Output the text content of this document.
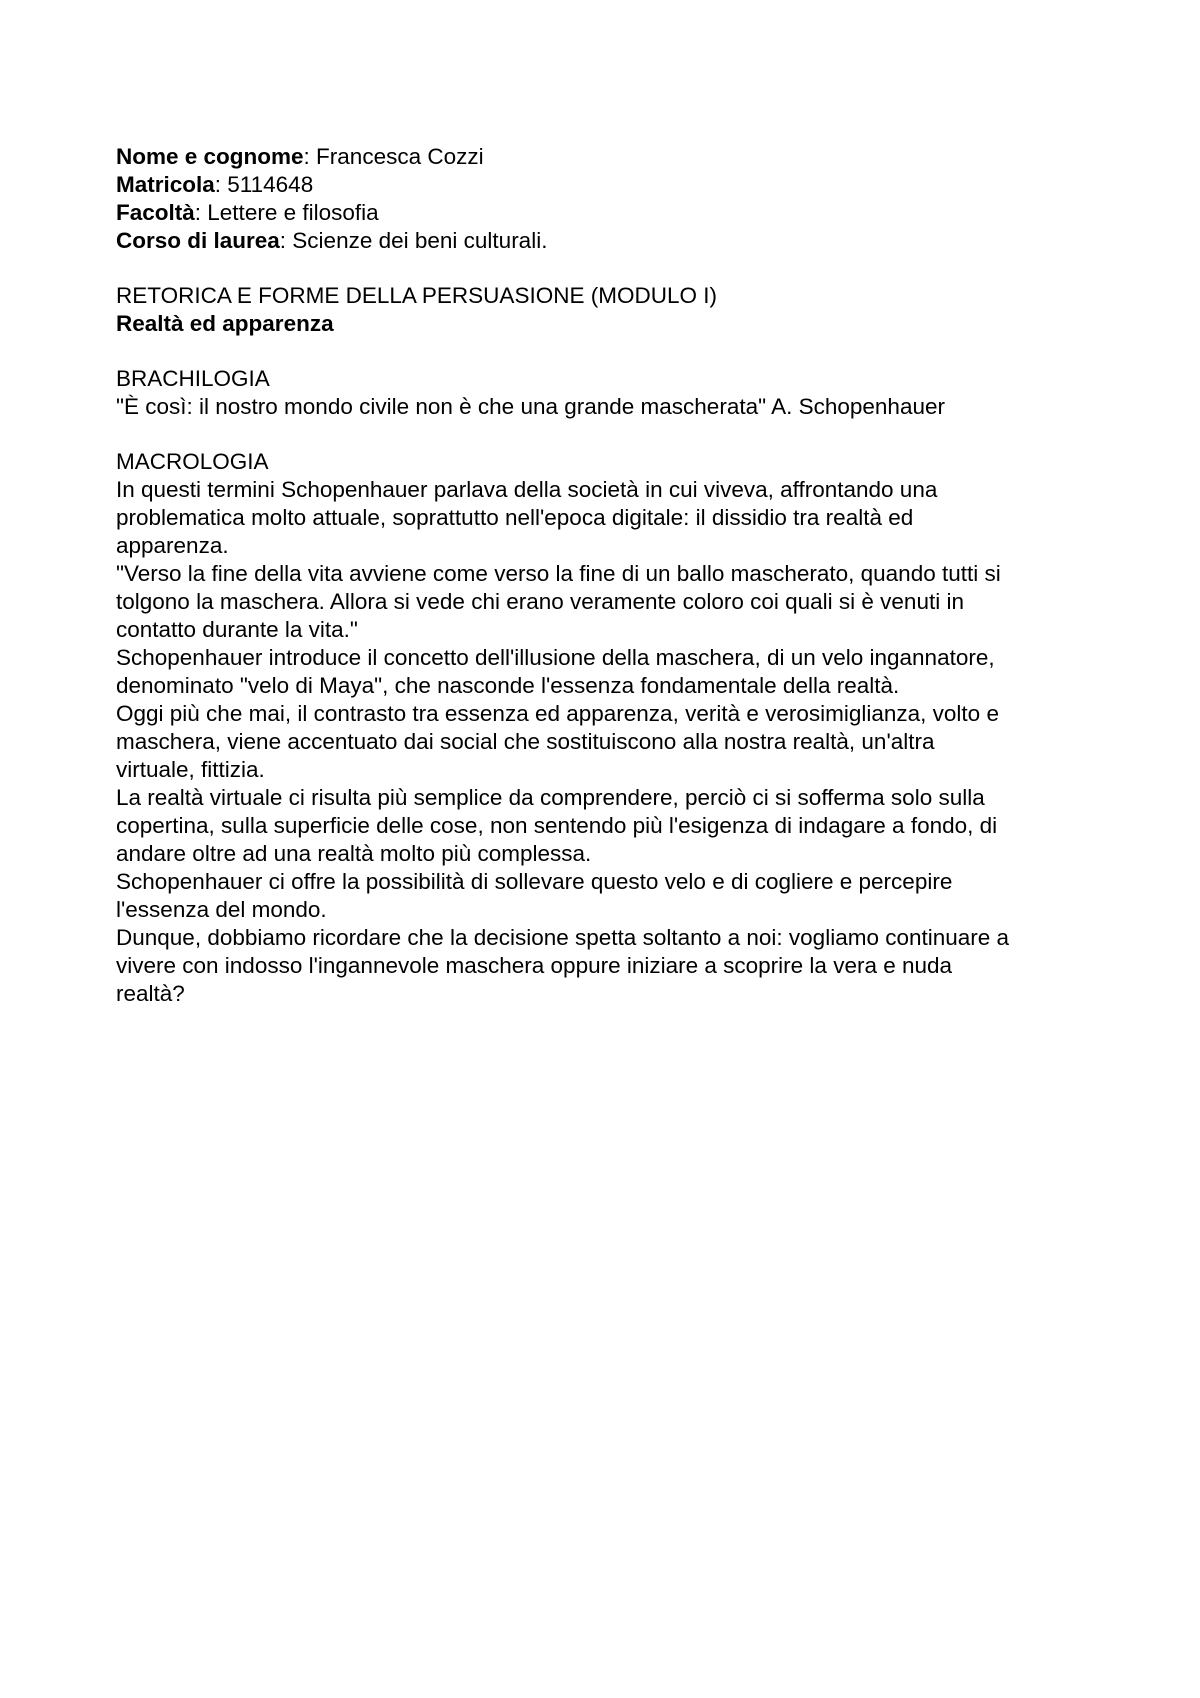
Nome e cognome: Francesca Cozzi

Matricola: 5114648

Facoltà: Lettere e filosofia

Corso di laurea: Scienze dei beni culturali.

RETORICA E FORME DELLA PERSUASIONE (MODULO I)

Realtà ed apparenza

BRACHILOGIA

"È così: il nostro mondo civile non è che una grande mascherata" A. Schopenhauer

MACROLOGIA

In questi termini Schopenhauer parlava della società in cui viveva, affrontando una
problematica molto attuale, soprattutto nell'epoca digitale: il dissidio tra realtà ed
apparenza.

"Verso la fine della vita avviene come verso la fine di un ballo mascherato, quando tutti si
tolgono la maschera. Allora si vede chi erano veramente coloro coi quali si è venuti in
contatto durante la vita."

Schopenhauer introduce il concetto dell'illusione della maschera, di un velo ingannatore,
denominato "velo di Maya", che nasconde l'essenza fondamentale della realtà.

Oggi più che mai, il contrasto tra essenza ed apparenza, verità e verosimiglianza, volto e
maschera, viene accentuato dai social che sostituiscono alla nostra realtà, un'altra
virtuale, fittizia.

La realtà virtuale ci risulta più semplice da comprendere, perciò ci si sofferma solo sulla
copertina, sulla superficie delle cose, non sentendo più l'esigenza di indagare a fondo, di
andare oltre ad una realtà molto più complessa.

Schopenhauer ci offre la possibilità di sollevare questo velo e di cogliere e percepire
l'essenza del mondo.

Dunque, dobbiamo ricordare che la decisione spetta soltanto a noi: vogliamo continuare a
vivere con indosso l'ingannevole maschera oppure iniziare a scoprire la vera e nuda
realtà?
